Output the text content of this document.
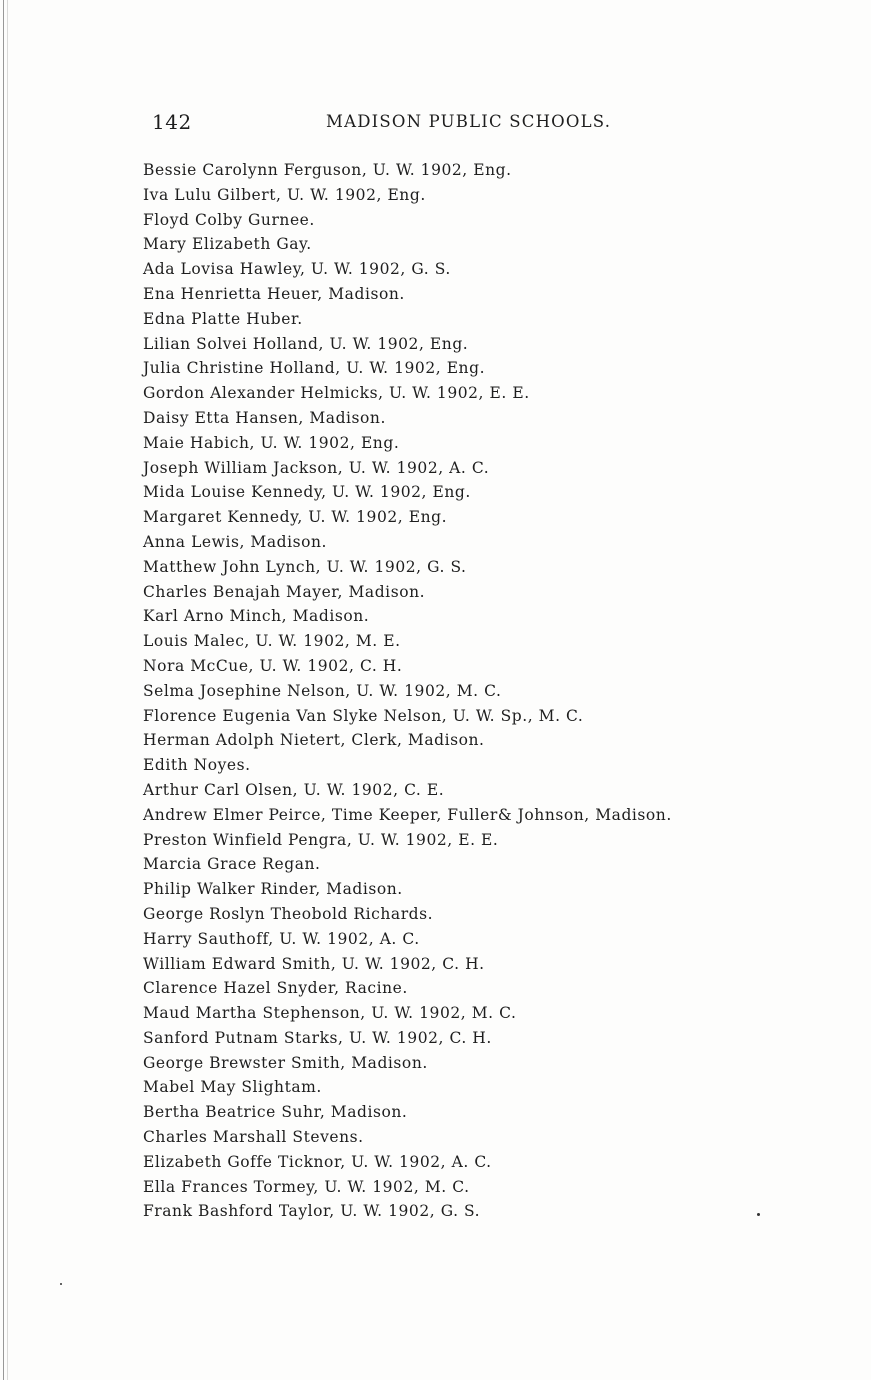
142	MADISON PUBLIC SCHOOLS.
Bessie Carolynn Ferguson, U. W. 1902, Eng.
Iva Lulu Gilbert, U. W. 1902, Eng.
Floyd Colby Gurnee.
Mary Elizabeth Gay.
Ada Lovisa Hawley, U. W. 1902, G. S.
Ena Henrietta Heuer, Madison.
Edna Platte Huber.
Lilian Solvei Holland, U. W. 1902, Eng.
Julia Christine Holland, U. W. 1902, Eng.
Gordon Alexander Helmicks, U. W. 1902, E. E.
Daisy Etta Hansen, Madison.
Maie Habich, U. W. 1902, Eng.
Joseph William Jackson, U. W. 1902, A. C.
Mida Louise Kennedy, U. W. 1902, Eng.
Margaret Kennedy, U. W. 1902, Eng.
Anna Lewis, Madison.
Matthew John Lynch, U. W. 1902, G. S.
Charles Benajah Mayer, Madison.
Karl Arno Minch, Madison.
Louis Malec, U. W. 1902, M. E.
Nora McCue, U. W. 1902, C. H.
Selma Josephine Nelson, U. W. 1902, M. C.
Florence Eugenia Van Slyke Nelson, U. W. Sp., M. C.
Herman Adolph Nietert, Clerk, Madison.
Edith Noyes.
Arthur Carl Olsen, U. W. 1902, C. E.
Andrew Elmer Peirce, Time Keeper, Fuller& Johnson, Madison.
Preston Winfield Pengra, U. W. 1902, E. E.
Marcia Grace Regan.
Philip Walker Rinder, Madison.
George Roslyn Theobold Richards.
Harry Sauthoff, U. W. 1902, A. C.
William Edward Smith, U. W. 1902, C. H.
Clarence Hazel Snyder, Racine.
Maud Martha Stephenson, U. W. 1902, M. C.
Sanford Putnam Starks, U. W. 1902, C. H.
George Brewster Smith, Madison.
Mabel May Slightam.
Bertha Beatrice Suhr, Madison.
Charles Marshall Stevens.
Elizabeth Goffe Ticknor, U. W. 1902, A. C.
Ella Frances Tormey, U. W. 1902, M. C.
Frank Bashford Taylor, U. W. 1902, G. S.
